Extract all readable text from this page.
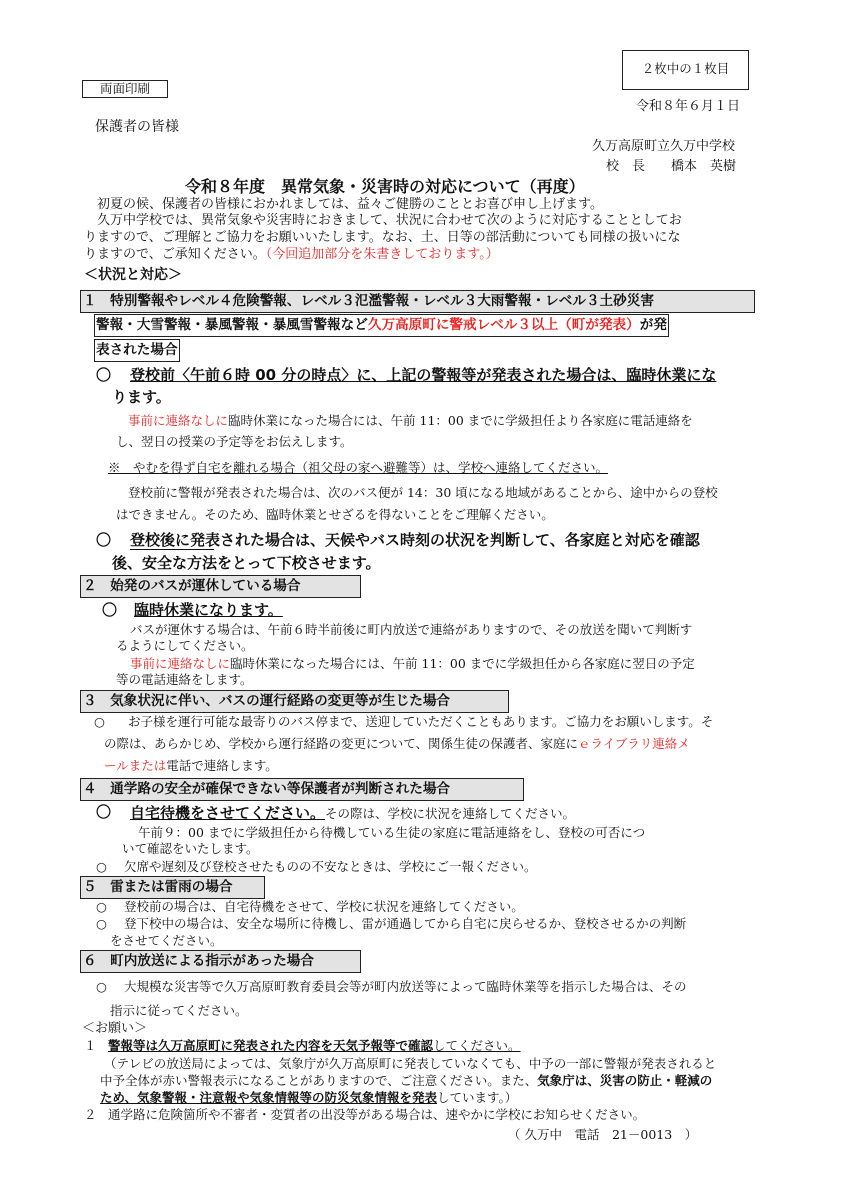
２枚中の１枚目
両面印刷
令和８年６月１日
保護者の皆様
久万高原町立久万中学校
校　長　　橋本　英樹
令和８年度　異常気象・災害時の対応について（再度）
初夏の候、保護者の皆様におかれましては、益々ご健勝のこととお喜び申し上げます。
久万中学校では、異常気象や災害時におきまして、状況に合わせて次のように対応することとしてお
りますので、ご理解とご協力をお願いいたします。なお、土、日等の部活動についても同様の扱いにな
りますので、ご承知ください。（今回追加部分を朱書きしております。）
＜状況と対応＞
１　特別警報やレベル４危険警報、レベル３氾濫警報・レベル３大雨警報・レベル３土砂災害
警報・大雪警報・暴風警報・暴風雪警報など久万高原町に警戒レベル３以上（町が発表）が発
表された場合
〇 登校前〈午前６時 00 分の時点〉に、上記の警報等が発表された場合は、臨時休業にな
ります。
事前に連絡なしに臨時休業になった場合には、午前 11：00 までに学級担任より各家庭に電話連絡を
し、翌日の授業の予定等をお伝えします。
※　やむを得ず自宅を離れる場合（祖父母の家へ避難等）は、学校へ連絡してください。
登校前に警報が発表された場合は、次のバス便が 14：30 頃になる地域があることから、途中からの登校
はできません。そのため、臨時休業とせざるを得ないことをご理解ください。
〇 登校後に発表された場合は、天候やバス時刻の状況を判断して、各家庭と対応を確認
後、安全な方法をとって下校させます。
２　始発のバスが運休している場合
〇 臨時休業になります。
バスが運休する場合は、午前６時半前後に町内放送で連絡がありますので、その放送を聞いて判断す
るようにしてください。
事前に連絡なしに臨時休業になった場合には、午前 11：00 までに学級担任から各家庭に翌日の予定
等の電話連絡をします。
３　気象状況に伴い、バスの運行経路の変更等が生じた場合
○ お子様を運行可能な最寄りのバス停まで、送迎していただくこともあります。ご協力をお願いします。そ
の際は、あらかじめ、学校から運行経路の変更について、関係生徒の保護者、家庭にｅライブラリ連絡メ
ールまたは電話で連絡します。
４　通学路の安全が確保できない等保護者が判断された場合
〇 自宅待機をさせてください。その際は、学校に状況を連絡してください。
午前９：00 までに学級担任から待機している生徒の家庭に電話連絡をし、登校の可否につ
いて確認をいたします。
○ 欠席や遅刻及び登校させたものの不安なときは、学校にご一報ください。
５　雷または雷雨の場合
○ 登校前の場合は、自宅待機をさせて、学校に状況を連絡してください。
○ 登下校中の場合は、安全な場所に待機し、雷が通過してから自宅に戻らせるか、登校させるかの判断
をさせてください。
６　町内放送による指示があった場合
○ 大規模な災害等で久万高原町教育委員会等が町内放送等によって臨時休業等を指示した場合は、その
指示に従ってください。
＜お願い＞
１ 警報等は久万高原町に発表された内容を天気予報等で確認してください。
（テレビの放送局によっては、気象庁が久万高原町に発表していなくても、中予の一部に警報が発表されると
中予全体が赤い警報表示になることがありますので、ご注意ください。また、気象庁は、災害の防止・軽減の
ため、気象警報・注意報や気象情報等の防災気象情報を発表しています。）
２ 通学路に危険箇所や不審者・変質者の出没等がある場合は、速やかに学校にお知らせください。
（ 久万中　電話　21－0013　）
